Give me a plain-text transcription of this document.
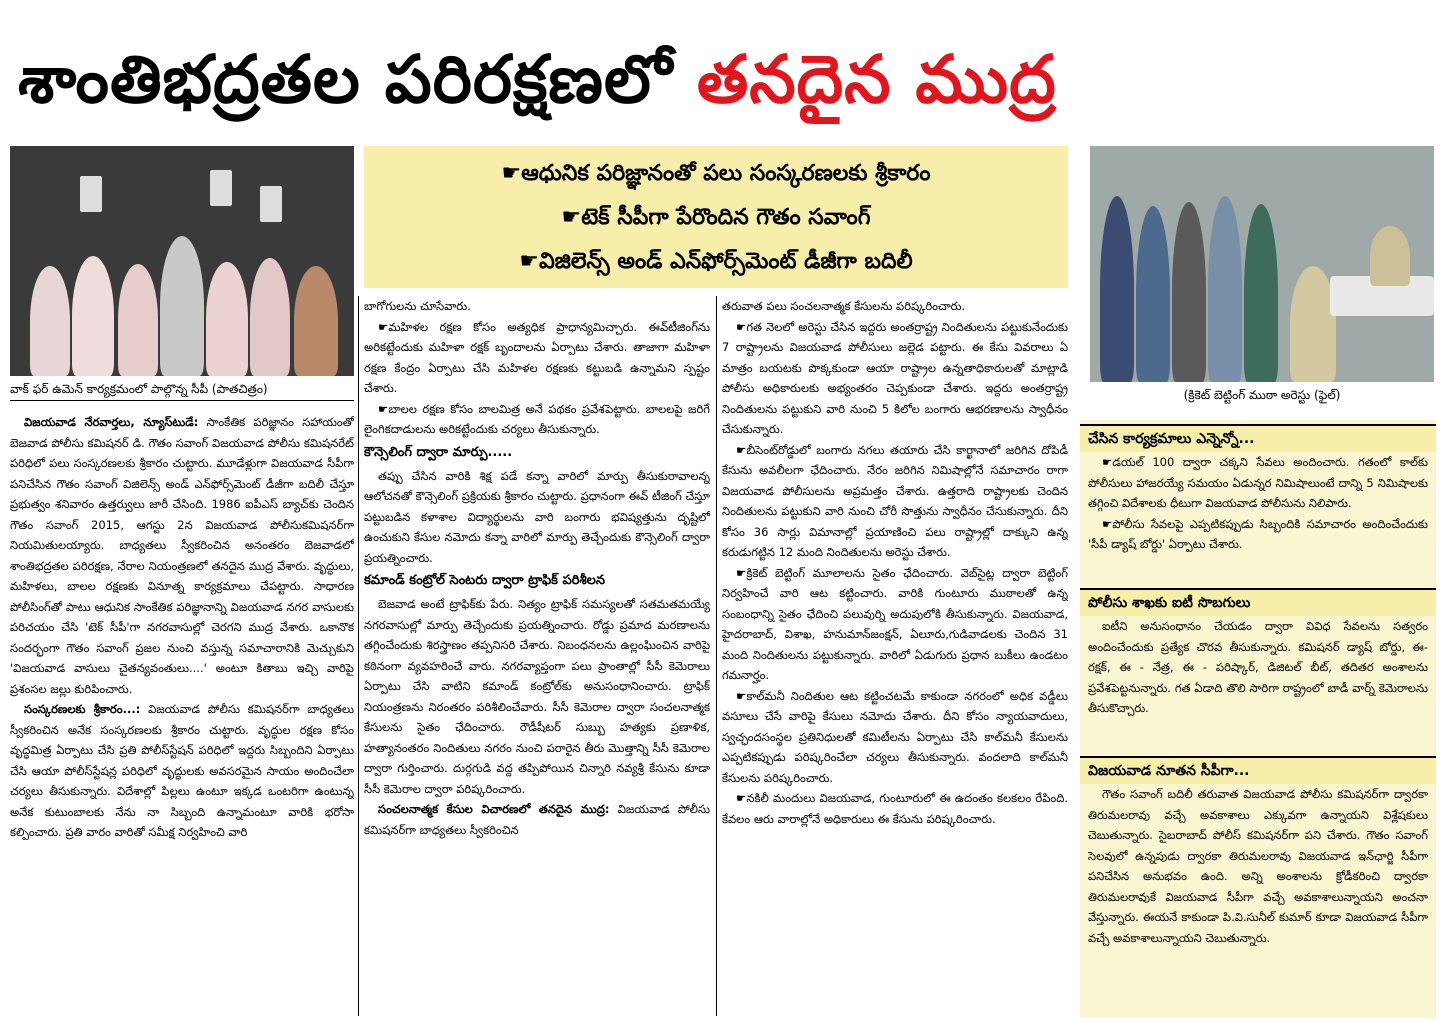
శాంతిభద్రతల పరిరక్షణలో తనదైన ముద్ర
వాక్ ఫర్ ఉమెన్ కార్యక్రమంలో పాల్గొన్న సీపీ (పాతచిత్రం)
☛ ఆధునిక పరిజ్ఞానంతో పలు సంస్కరణలకు శ్రీకారం
☛ టెక్ సీపీగా పేరొందిన గౌతం సవాంగ్
☛ విజిలెన్స్ అండ్ ఎన్‌ఫోర్స్‌మెంట్ డీజీగా బదిలీ
(క్రికెట్ బెట్టింగ్ ముఠా అరెస్టు (ఫైల్)

విజయవాడ నేరవార్తలు, న్యూస్‌టుడే: సాంకేతిక పరిజ్ఞానం సహాయంతో బెజవాడ పోలీసు కమిషనర్ డి. గౌతం సవాంగ్ విజయవాడ పోలీసు కమిషనరేట్ పరిధిలో పలు సంస్కరణలకు శ్రీకారం చుట్టారు. మూడేళ్లుగా విజయవాడ సీపీగా పనిచేసిన గౌతం సవాంగ్ విజిలెన్స్ అండ్ ఎన్‌ఫోర్స్‌మెంట్ డీజీగా బదిలీ చేస్తూ ప్రభుత్వం శనివారం ఉత్తర్వులు జారీ చేసింది. 1986 ఐపీఎస్ బ్యాచ్‌కు చెందిన గౌతం సవాంగ్ 2015, ఆగస్టు 2న విజయవాడ పోలీసుకమిషనర్‌గా నియమితులయ్యారు. బాధ్యతలు స్వీకరించిన అనంతరం బెజవాడలో శాంతిభద్రతల పరిరక్షణ, నేరాల నియంత్రణలో తనదైన ముద్ర వేశారు. వృద్ధులు, మహిళలు, బాలల రక్షణకు వినూత్న కార్యక్రమాలు చేపట్టారు. సాధారణ పోలీసింగ్‌తో పాటు ఆధునిక సాంకేతిక పరిజ్ఞానాన్ని విజయవాడ నగర వాసులకు పరిచయం చేసి 'టెక్ సీపీ'గా నగరవాసుల్లో చెరగని ముద్ర వేశారు. ఒకానొక సందర్భంగా గౌతం సవాంగ్ ప్రజల నుంచి వస్తున్న సమాచారానికి మెచ్చుకుని 'విజయవాడ వాసులు చైతన్యవంతులు....' అంటూ కితాబు ఇచ్చి వారిపై ప్రశంసల జల్లు కురిపించారు.

సంస్కరణలకు శ్రీకారం...: విజయవాడ పోలీసు కమిషనర్‌గా బాధ్యతలు స్వీకరించిన అనేక సంస్కరణలకు శ్రీకారం చుట్టారు. వృద్ధుల రక్షణ కోసం వృద్ధమిత్ర ఏర్పాటు చేసి ప్రతి పోలీస్‌స్టేషన్ పరిధిలో ఇద్దరు సిబ్బందిని ఏర్పాటు చేసి ఆయా పోలీస్‌స్టేషన్ల పరిధిలో వృద్ధులకు అవసరమైన సాయం అందించేలా చర్యలు తీసుకున్నారు. విదేశాల్లో పిల్లలు ఉంటూ ఇక్కడ ఒంటరిగా ఉంటున్న అనేక కుటుంబాలకు నేను నా సిబ్బంది ఉన్నామంటూ వారికి భరోసా కల్పించారు. ప్రతి వారం వారితో సమీక్ష నిర్వహించి వారి

బాగోగులను చూసేవారు.

☛ మహిళల రక్షణ కోసం అత్యధిక ప్రాధాన్యమిచ్చారు. ఈవ్‌టీజింగ్‌ను అరికట్టేందుకు మహిళా రక్షక్ బృందాలను ఏర్పాటు చేశారు. తాజాగా మహిళా రక్షణ కేంద్రం ఏర్పాటు చేసి మహిళల రక్షణకు కట్టుబడి ఉన్నామని స్పష్టం చేశారు.

☛ బాలల రక్షణ కోసం బాలమిత్ర అనే పథకం ప్రవేశపెట్టారు. బాలలపై జరిగే లైంగికదాడులను అరికట్టేందుకు చర్యలు తీసుకున్నారు.

కౌన్సెలింగ్ ద్వారా మార్పు.....

తప్పు చేసిన వారికి శిక్ష పడే కన్నా వారిలో మార్పు తీసుకురావాలన్న ఆలోచనతో కౌన్సెలింగ్ ప్రక్రియకు శ్రీకారం చుట్టారు. ప్రధానంగా ఈవ్ టీజింగ్ చేస్తూ పట్టుబడిన కళాశాల విద్యార్థులను వారి బంగారు భవిష్యత్తును దృష్టిలో ఉంచుకుని కేసుల నమోదు కన్నా వారిలో మార్పు తెచ్చేందుకు కౌన్సెలింగ్ ద్వారా ప్రయత్నించారు.

కమాండ్ కంట్రోల్ సెంటరు ద్వారా ట్రాఫిక్ పరిశీలన

బెజవాడ అంటే ట్రాఫిక్‌కు పేరు. నిత్యం ట్రాఫిక్ సమస్యలతో సతమతమయ్యే నగరవాసుల్లో మార్పు తెచ్చేందుకు ప్రయత్నించారు. రోడ్డు ప్రమాద మరణాలను తగ్గించేందుకు శిరస్త్రాణం తప్పనిసరి చేశారు. నిబంధనలను ఉల్లంఘించిన వారిపై కఠినంగా వ్యవహరించే వారు. నగరవ్యాప్తంగా పలు ప్రాంతాల్లో సీసీ కెమెరాలు ఏర్పాటు చేసి వాటిని కమాండ్ కంట్రోల్‌కు అనుసంధానించారు. ట్రాఫిక్ నియంత్రణను నిరంతరం పరిశీలించేవారు. సీసీ కెమెరాల ద్వారా సంచలనాత్మక కేసులను సైతం ఛేదించారు. రౌడీషీటర్ సుబ్బు హత్యకు ప్రణాళిక, హత్యానంతరం నిందితులు నగరం నుంచి పరారైన తీరు మొత్తాన్ని సీసీ కెమెరాల ద్వారా గుర్తించారు. దుర్గగుడి వద్ద తప్పిపోయిన చిన్నారి నవ్యశ్రీ కేసును కూడా సీసీ కెమెరాల ద్వారా పరిష్కరించారు.

సంచలనాత్మక కేసుల విచారణలో తనదైన ముద్ర: విజయవాడ పోలీసు కమిషనర్‌గా బాధ్యతలు స్వీకరించిన

తరువాత పలు సంచలనాత్మక కేసులను పరిష్కరించారు.

☛ గత నెలలో అరెస్టు చేసిన ఇద్దరు అంతర్రాష్ట్ర నిందితులను పట్టుకునేందుకు 7 రాష్ట్రాలను విజయవాడ పోలీసులు జల్లెడ పట్టారు. ఈ కేసు వివరాలు ఏ మాత్రం బయటకు పొక్కకుండా ఆయా రాష్ట్రాల ఉన్నతాధికారులతో మాట్లాడి పోలీసు అధికారులకు అభ్యంతరం చెప్పకుండా చేశారు. ఇద్దరు అంతర్రాష్ట్ర నిందితులను పట్టుకుని వారి నుంచి 5 కిలోల బంగారు ఆభరణాలను స్వాధీనం చేసుకున్నారు.

☛ బీసెంట్‌రోడ్డులో బంగారు నగలు తయారు చేసి కార్ఖానాలో జరిగిన దోపిడీ కేసును అవలీలగా ఛేదించారు. నేరం జరిగిన నిమిషాల్లోనే సమాచారం రాగా విజయవాడ పోలీసులను అప్రమత్తం చేశారు. ఉత్తరాది రాష్ట్రాలకు చెందిన నిందితులను పట్టుకుని వారి నుంచి చోరీ సొత్తును స్వాధీనం చేసుకున్నారు. దీని కోసం 36 సార్లు విమానాల్లో ప్రయాణించి పలు రాష్ట్రాల్లో దాక్కుని ఉన్న కరుడుగట్టిన 12 మంది నిందితులను అరెస్టు చేశారు.

☛ క్రికెట్ బెట్టింగ్ మూలాలను సైతం ఛేదించారు. వెబ్‌సైట్ల ద్వారా బెట్టింగ్ నిర్వహించే వారి ఆట కట్టించారు. వారికి గుంటూరు ముఠాలతో ఉన్న సంబంధాన్ని సైతం ఛేదించి పలువుర్ని అదుపులోకి తీసుకున్నారు. విజయవాడ, హైదరాబాద్, విశాఖ, హనుమాన్‌జంక్షన్, ఏలూరు,గుడివాడలకు చెందిన 31 మంది నిందితులను పట్టుకున్నారు. వారిలో ఏడుగురు ప్రధాన బుకీలు ఉండటం గమనార్హం.

☛ కాల్‌మనీ నిందితుల ఆట కట్టించటమే కాకుండా నగరంలో అధిక వడ్డీలు వసూలు చేసే వారిపై కేసులు నమోదు చేశారు. దీని కోసం న్యాయవాదులు, స్వచ్ఛందసంస్థల ప్రతినిధులతో కమిటీలను ఏర్పాటు చేసి కాల్‌మనీ కేసులను ఎప్పటికప్పుడు పరిష్కరించేలా చర్యలు తీసుకున్నారు. వందలాది కాల్‌మనీ కేసులను పరిష్కరించారు.

☛ నకిలీ మందులు విజయవాడ, గుంటూరులో ఈ ఉదంతం కలకలం రేపింది. కేవలం ఆరు వారాల్లోనే అధికారులు ఈ కేసును పరిష్కరించారు.

చేసిన కార్యక్రమాలు ఎన్నెన్నో...

☛ డయల్ 100 ద్వారా చక్కని సేవలు అందించారు. గతంలో కాల్‌కు పోలీసులు హాజరయ్యే సమయం ఏడున్నర నిమిషాలుంటే దాన్ని 5 నిమిషాలకు తగ్గించి విదేశాలకు ధీటుగా విజయవాడ పోలీసును నిలిపారు.

☛ పోలీసు సేవలపై ఎప్పటికప్పుడు సిబ్బందికి సమాచారం అందించేందుకు 'సీపీ డ్యాష్ బోర్డు' ఏర్పాటు చేశారు.

పోలీసు శాఖకు ఐటీ సొబగులు

ఐటీని అనుసంధానం చేయడం ద్వారా వివిధ సేవలను సత్వరం అందించేందుకు ప్రత్యేక చొరవ తీసుకున్నారు. కమిషనర్ డ్యాష్ బోర్డు, ఈ- రక్షక్, ఈ - నేత్ర, ఈ - పరిష్కార్, డిజిటల్ బీట్, తదితర అంశాలను ప్రవేశపెట్టనున్నారు. గత ఏడాది తొలి సారిగా రాష్ట్రంలో బాడీ వార్న్ కెమెరాలను తీసుకొచ్చారు.

విజయవాడ నూతన సీపీగా...

గౌతం సవాంగ్ బదిలీ తరువాత విజయవాడ పోలీసు కమిషనర్‌గా ద్వారకా తిరుమలరావు వచ్చే అవకాశాలు ఎక్కువగా ఉన్నాయని విశ్లేషకులు చెబుతున్నారు. సైబరాబాద్ పోలీస్ కమిషనర్‌గా పని చేశారు. గౌతం సవాంగ్ సెలవులో ఉన్నపుడు ద్వారకా తిరుమలరావు విజయవాడ ఇన్‌ఛార్జి సీపీగా పనిచేసిన అనుభవం ఉంది. అన్ని అంశాలను క్రోడీకరించి ద్వారకా తిరుమలరావుకే విజయవాడ సీపీగా వచ్చే అవకాశాలున్నాయని అంచనా వేస్తున్నారు. ఈయనే కాకుండా పి.వి.సునీల్ కుమార్ కూడా విజయవాడ సీపీగా వచ్చే అవకాశాలున్నాయని చెబుతున్నారు.
